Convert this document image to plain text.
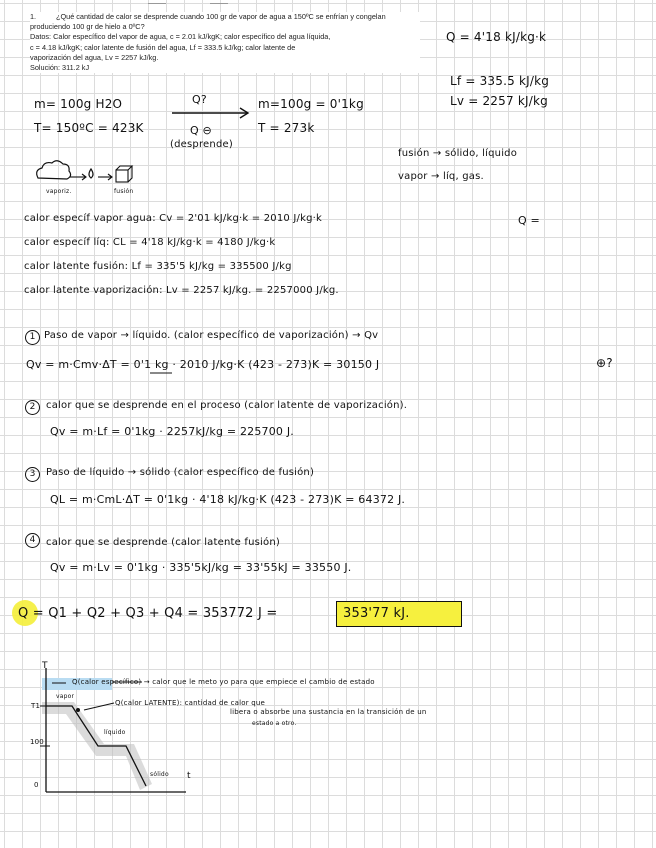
1.	¿Qué cantidad de calor se desprende cuando 100 gr de vapor de agua a 150ºC se enfrían y congelan produciendo 100 gr de hielo a 0ºC?
Datos: Calor específico del vapor de agua, c = 2.01 kJ/kgK; calor específico del agua líquida,
c = 4.18 kJ/kgK; calor latente de fusión del agua, Lf = 333.5 kJ/kg; calor latente de
vaporización del agua, Lv = 2257 kJ/kg.
Solución: 311.2 kJ
Q = 4'18 kJ/kg·k
Lf = 335.5 kJ/kg
Lv = 2257 kJ/kg
m= 100g H2O
T= 150ºC = 423K
Q?
Q ⊖
(desprende)
m=100g = 0'1kg
T = 273k
fusión → sólido, líquido
vapor → líq, gas.
vaporiz.	fusión
calor específ vapor agua: Cv = 2'01 kJ/kg·k = 2010 J/kg·k
calor específ líq: CL = 4'18 kJ/kg·k = 4180 J/kg·k
calor latente fusión: Lf = 335'5 kJ/kg = 335500 J/kg
calor latente vaporización: Lv = 2257 kJ/kg. = 2257000 J/kg.
Q =
1 Paso de vapor → líquido. (calor específico de vaporización) → Qv
Qv = m·Cmv·ΔT = 0'1 kg · 2010 J/kg·K (423 - 273)K = 30150 J	⊕?
2	calor que se desprende en el proceso (calor latente de vaporización).
Qv = m·Lf = 0'1kg · 2257kJ/kg = 225700 J.
3	Paso de líquido → sólido (calor específico de fusión)
QL = m·CmL·ΔT = 0'1kg · 4'18 kJ/kg·K (423 - 273)K = 64372 J.
4	calor que se desprende (calor latente fusión)
Qv = m·Lv = 0'1kg · 335'5kJ/kg = 33'55kJ = 33550 J.
Q = Q1 + Q2 + Q3 + Q4 = 353772 J =	353'77 kJ.
T
t
T1
100
0
vapor
líquido
sólido
Q(calor específico) → calor que le meto yo para que empiece el cambio de estado
Q(calor LATENTE): cantidad de calor que
libera o absorbe una sustancia en la transición de un
estado a otro.
